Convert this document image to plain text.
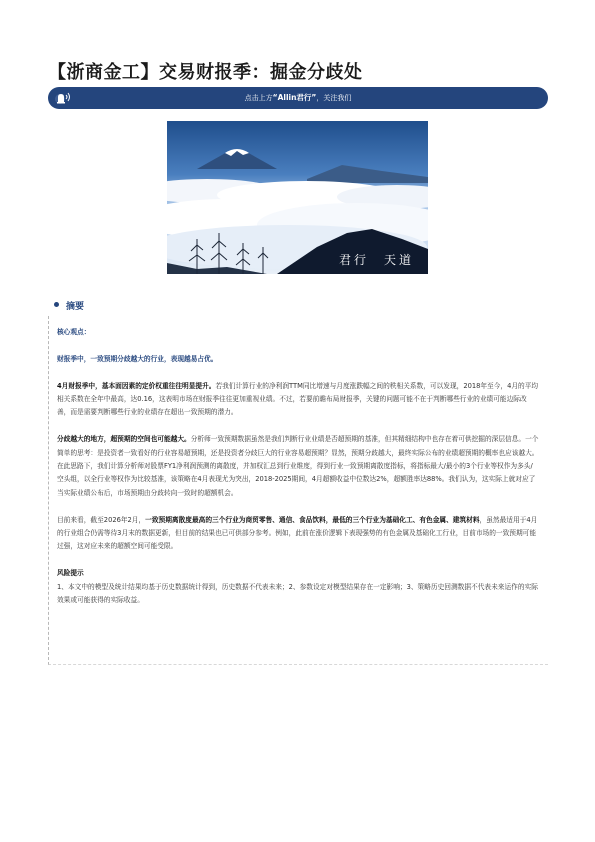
【浙商金工】交易财报季：掘金分歧处
点击上方“Allin君行”，关注我们
君行　天道
摘要

核心观点：

财报季中，一致预期分歧越大的行业，表现越易占优。

4月财报季中，基本面因素的定价权重往往明显提升。若我们计算行业的净利润TTM同比增速与月度涨跌幅之间的秩相关系数，可以发现，2018年至今，4月的平均相关系数在全年中最高，达0.16，这表明市场在财报季往往更加重视业绩。不过，若要前瞻布局财报季，关键的问题可能不在于判断哪些行业的业绩可能边际改善，而是需要判断哪些行业的业绩存在超出一致预期的潜力。

分歧越大的地方，超预期的空间也可能越大。分析师一致预期数据虽然是我们判断行业业绩是否超预期的基准，但其精细结构中也存在着可供挖掘的深层信息。一个简单的思考：是投资者一致看好的行业容易超预期，还是投资者分歧巨大的行业容易超预期？显然，预期分歧越大，最终实际公布的业绩超预期的概率也应该越大。在此思路下，我们计算分析师对股票FY1净利润预测的离散度，并加权汇总到行业维度，得到行业一致预期离散度指标，将指标最大/最小的3个行业等权作为多头/空头组，以全行业等权作为比较基准，该策略在4月表现尤为突出，2018-2025期间，4月超额收益中位数达2%，超额胜率达88%。我们认为，这实际上就对应了当实际业绩公布后，市场预期由分歧转向一致时的超额机会。

目前来看，截至2026年2月，一致预期离散度最高的三个行业为商贸零售、通信、食品饮料，最低的三个行业为基础化工、有色金属、建筑材料，虽然最适用于4月的行业组合仍需等待3月末的数据更新，但目前的结果也已可供部分参考。例如，此前在涨价逻辑下表现强势的有色金属及基础化工行业，目前市场的一致预期可能过强，这对应未来的超额空间可能受限。

风险提示

1、本文中的模型及统计结果均基于历史数据统计得到，历史数据不代表未来；2、参数设定对模型结果存在一定影响；3、策略历史回测数据不代表未来运作的实际效果或可能获得的实际收益。
